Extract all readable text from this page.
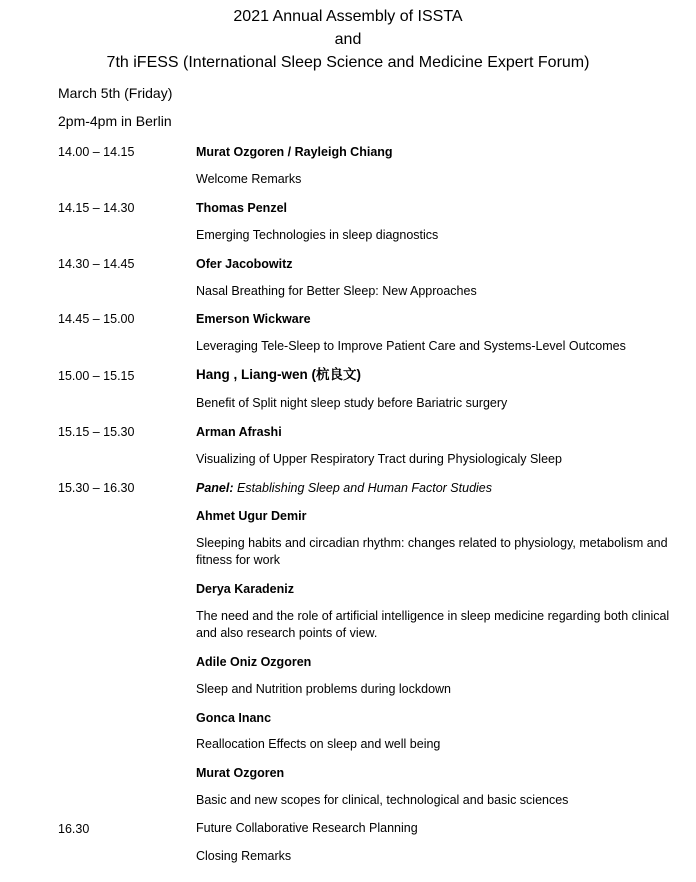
2021 Annual Assembly of ISSTA
and
7th iFESS (International Sleep Science and Medicine Expert Forum)
March 5th (Friday)
2pm-4pm in Berlin
14.00 – 14.15	Murat Ozgoren / Rayleigh Chiang
Welcome Remarks
14.15 – 14.30	Thomas Penzel
Emerging Technologies in sleep diagnostics
14.30 – 14.45	Ofer Jacobowitz
Nasal Breathing for Better Sleep: New Approaches
14.45 – 15.00	Emerson Wickware
Leveraging Tele-Sleep to Improve Patient Care and Systems-Level Outcomes
15.00 – 15.15	Hang , Liang-wen (杭良文)
Benefit of Split night sleep study before Bariatric surgery
15.15 – 15.30	Arman Afrashi
Visualizing of Upper Respiratory Tract during Physiologicaly Sleep
15.30 – 16.30	Panel: Establishing Sleep and Human Factor Studies
Ahmet Ugur Demir
Sleeping habits and circadian rhythm: changes related to physiology, metabolism and fitness for work
Derya Karadeniz
The need and the role of artificial intelligence in sleep medicine regarding both clinical and also research points of view.
Adile Oniz Ozgoren
Sleep and Nutrition problems during lockdown
Gonca Inanc
Reallocation Effects on sleep and well being
Murat Ozgoren
Basic and new scopes for clinical, technological and basic sciences
16.30	Future Collaborative Research Planning
Closing Remarks
